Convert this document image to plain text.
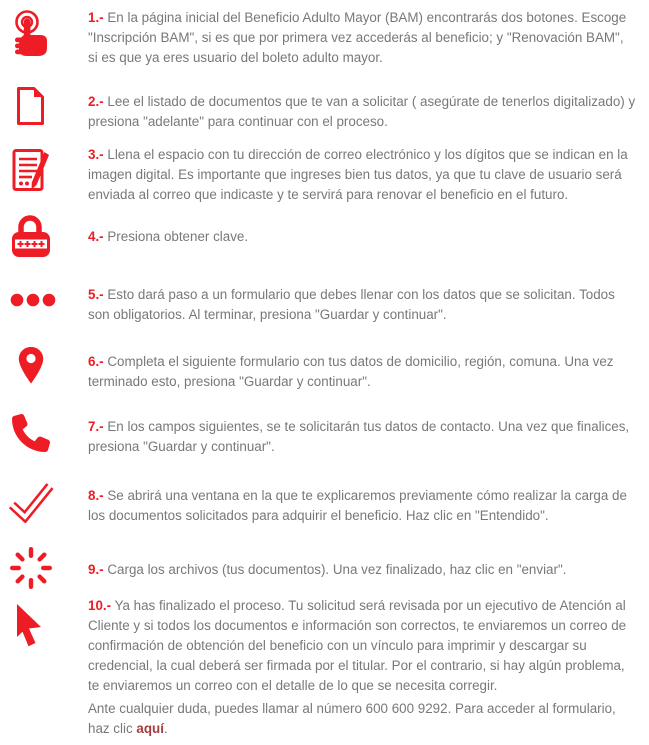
1.- En la página inicial del Beneficio Adulto Mayor (BAM) encontrarás dos botones. Escoge "Inscripción BAM", si es que por primera vez accederás al beneficio; y "Renovación BAM", si es que ya eres usuario del boleto adulto mayor.

2.- Lee el listado de documentos que te van a solicitar ( asegúrate de tenerlos digitalizado) y presiona "adelante" para continuar con el proceso.

3.- Llena el espacio con tu dirección de correo electrónico y los dígitos que se indican en la imagen digital. Es importante que ingreses bien tus datos, ya que tu clave de usuario será enviada al correo que indicaste y te servirá para renovar el beneficio en el futuro.

4.- Presiona obtener clave.

5.- Esto dará paso a un formulario que debes llenar con los datos que se solicitan. Todos son obligatorios. Al terminar, presiona "Guardar y continuar".

6.- Completa el siguiente formulario con tus datos de domicilio, región, comuna. Una vez terminado esto, presiona "Guardar y continuar".

7.- En los campos siguientes, se te solicitarán tus datos de contacto. Una vez que finalices, presiona "Guardar y continuar".

8.- Se abrirá una ventana en la que te explicaremos previamente cómo realizar la carga de los documentos solicitados para adquirir el beneficio. Haz clic en "Entendido".

9.- Carga los archivos (tus documentos). Una vez finalizado, haz clic en "enviar".

10.- Ya has finalizado el proceso. Tu solicitud será revisada por un ejecutivo de Atención al Cliente y si todos los documentos e información son correctos, te enviaremos un correo de confirmación de obtención del beneficio con un vínculo para imprimir y descargar su credencial, la cual deberá ser firmada por el titular. Por el contrario, si hay algún problema, te enviaremos un correo con el detalle de lo que se necesita corregir.

Ante cualquier duda, puedes llamar al número 600 600 9292. Para acceder al formulario, haz clic aquí.
